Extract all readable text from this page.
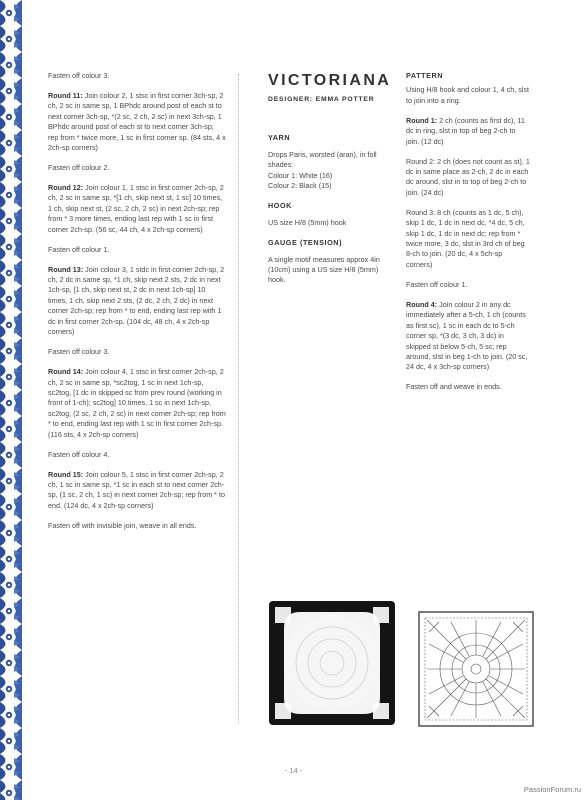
Fasten off colour 3.

Round 11: Join colour 2, 1 stsc in first corner 3ch-sp, 2 ch, 2 sc in same sp, 1 BPhdc around post of each st to next corner 3ch-sp, *(2 sc, 2 ch, 2 sc) in next 3ch-sp, 1 BPhdc around post of each st to next corner 3ch-sp; rep from * twice more, 1 sc in first corner sp. (84 sts, 4 x 2ch-sp corners)

Fasten off colour 2.

Round 12: Join colour 1, 1 stsc in first corner 2ch-sp, 2 ch, 2 sc in same sp, *[1 ch, skip next st, 1 sc] 10 times, 1 ch, skip next st, (2 sc, 2 ch, 2 sc) in next 2ch-sp; rep from * 3 more times, ending last rep with 1 sc in first corner 2ch-sp. (56 sc, 44 ch, 4 x 2ch-sp corners)

Fasten off colour 1.

Round 13: Join colour 3, 1 stdc in first corner 2ch-sp, 2 ch, 2 dc in same sp, *1 ch, skip next 2 sts, 2 dc in next 1ch-sp, [1 ch, skip next st, 2 dc in next 1ch-sp] 10 times, 1 ch, skip next 2 sts, (2 dc, 2 ch, 2 dc) in next corner 2ch-sp; rep from * to end, ending last rep with 1 dc in first corner 2ch-sp. (104 dc, 48 ch, 4 x 2ch-sp corners)

Fasten off colour 3.

Round 14: Join colour 4, 1 stsc in first corner 2ch-sp, 2 ch, 2 sc in same sp, *sc2tog, 1 sc in next 1ch-sp, sc2tog, [1 dc in skipped sc from prev round (working in front of 1-ch); sc2tog] 10 times, 1 sc in next 1ch-sp, sc2tog, (2 sc, 2 ch, 2 sc) in next corner 2ch-sp; rep from * to end, ending last rep with 1 sc in first corner 2ch-sp. (116 sts, 4 x 2ch-sp corners)

Fasten off colour 4.

Round 15: Join colour 5, 1 stsc in first corner 2ch-sp, 2 ch, 1 sc in same sp, *1 sc in each st to next corner 2ch-sp, (1 sc, 2 ch, 1 sc) in next corner 2ch-sp; rep from * to end. (124 dc, 4 x 2ch-sp corners)

Fasten off with invisible join, weave in all ends.

VICTORIANA
DESIGNER: EMMA POTTER
YARN
Drops Paris, worsted (aran), in foll shades:
Colour 1: White (16)
Colour 2: Black (15)
HOOK
US size H/8 (5mm) hook
GAUGE (TENSION)
A single motif measures approx 4in (10cm) using a US size H/8 (5mm) hook.
PATTERN

Using H/8 hook and colour 1, 4 ch, slst to join into a ring.

Round 1: 2 ch (counts as first dc), 11 dc in ring, slst in top of beg 2-ch to join. (12 dc)

Round 2: 2 ch (does not count as st), 1 dc in same place as 2-ch, 2 dc in each dc around, slst in to top of beg 2-ch to join. (24 dc)

Round 3: 8 ch (counts as 1 dc, 5 ch), skip 1 dc, 1 dc in next dc, *4 dc, 5 ch, skip 1 dc, 1 dc in next dc; rep from * twice more, 3 dc, slst in 3rd ch of beg 8-ch to join. (20 dc, 4 x 5ch-sp corners)

Fasten off colour 1.

Round 4: Join colour 2 in any dc immediately after a 5-ch, 1 ch (counts as first sc), 1 sc in each dc to 5-ch corner sp, *(3 dc, 3 ch, 3 dc) in skipped st below 5-ch, 5 sc; rep around, slst in beg 1-ch to join. (20 sc, 24 dc, 4 x 3ch-sp corners)

Fasten off and weave in ends.

- 14 -
PassionForum.ru
